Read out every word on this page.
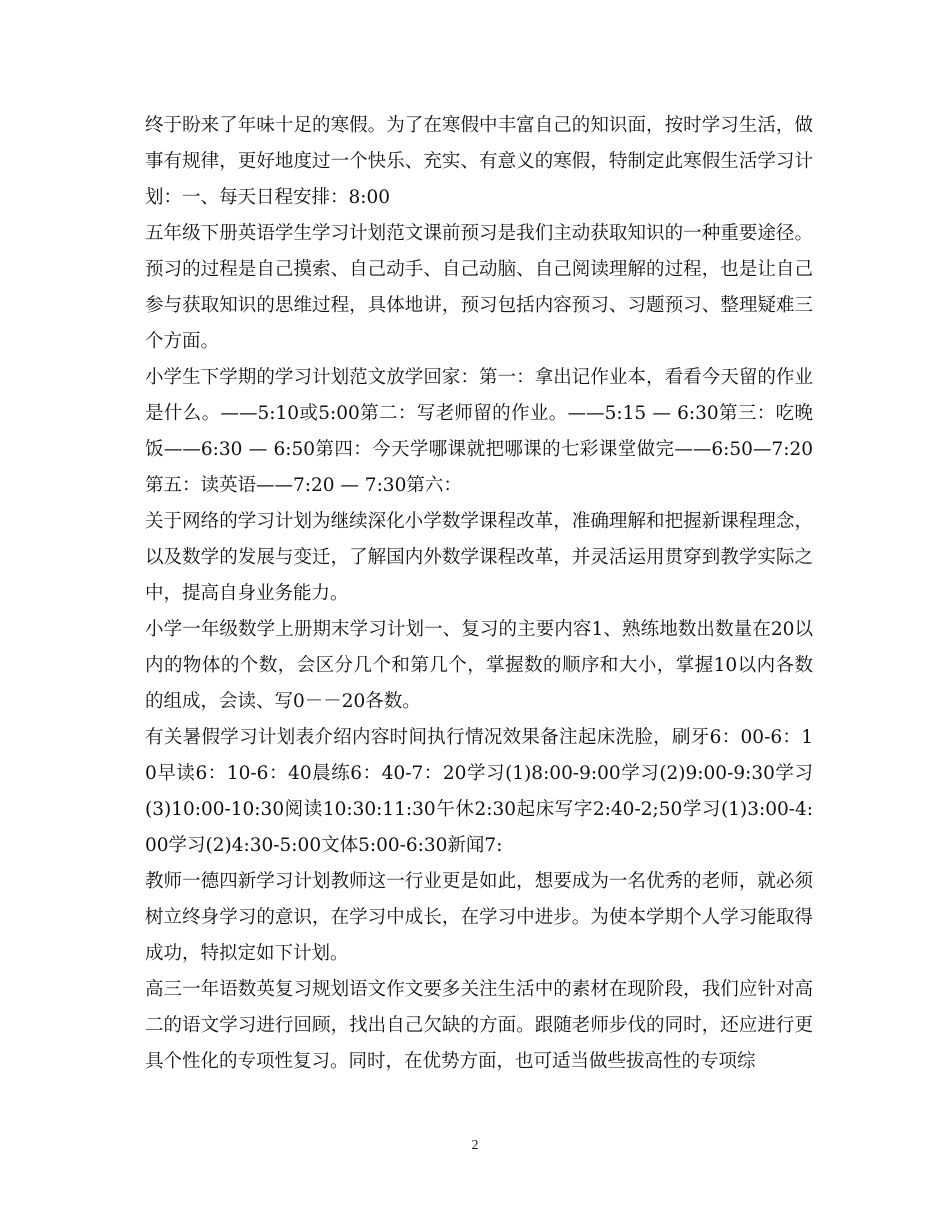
终于盼来了年味十足的寒假。为了在寒假中丰富自己的知识面，按时学习生活，做事有规律，更好地度过一个快乐、充实、有意义的寒假，特制定此寒假生活学习计划：一、每天日程安排：8:00

五年级下册英语学生学习计划范文课前预习是我们主动获取知识的一种重要途径。预习的过程是自己摸索、自己动手、自己动脑、自己阅读理解的过程，也是让自己参与获取知识的思维过程，具体地讲，预习包括内容预习、习题预习、整理疑难三个方面。

小学生下学期的学习计划范文放学回家：第一：拿出记作业本，看看今天留的作业是什么。——5:10或5:00第二：写老师留的作业。——5:15 — 6:30第三：吃晚饭——6:30 — 6:50第四：今天学哪课就把哪课的七彩课堂做完——6:50—7:20第五：读英语——7:20 — 7:30第六：

关于网络的学习计划为继续深化小学数学课程改革，准确理解和把握新课程理念，以及数学的发展与变迁，了解国内外数学课程改革，并灵活运用贯穿到教学实际之中，提高自身业务能力。

小学一年级数学上册期末学习计划一、复习的主要内容1、熟练地数出数量在20以内的物体的个数，会区分几个和第几个，掌握数的顺序和大小，掌握10以内各数的组成，会读、写0－－20各数。

有关暑假学习计划表介绍内容时间执行情况效果备注起床洗脸，刷牙6：00-6：10早读6：10-6：40晨练6：40-7：20学习(1)8:00-9:00学习(2)9:00-9:30学习(3)10:00-10:30阅读10:30:11:30午休2:30起床写字2:40-2;50学习(1)3:00-4:00学习(2)4:30-5:00文体5:00-6:30新闻7:

教师一德四新学习计划教师这一行业更是如此，想要成为一名优秀的老师，就必须树立终身学习的意识，在学习中成长，在学习中进步。为使本学期个人学习能取得成功，特拟定如下计划。

高三一年语数英复习规划语文作文要多关注生活中的素材在现阶段，我们应针对高二的语文学习进行回顾，找出自己欠缺的方面。跟随老师步伐的同时，还应进行更具个性化的专项性复习。同时，在优势方面，也可适当做些拔高性的专项综

2
